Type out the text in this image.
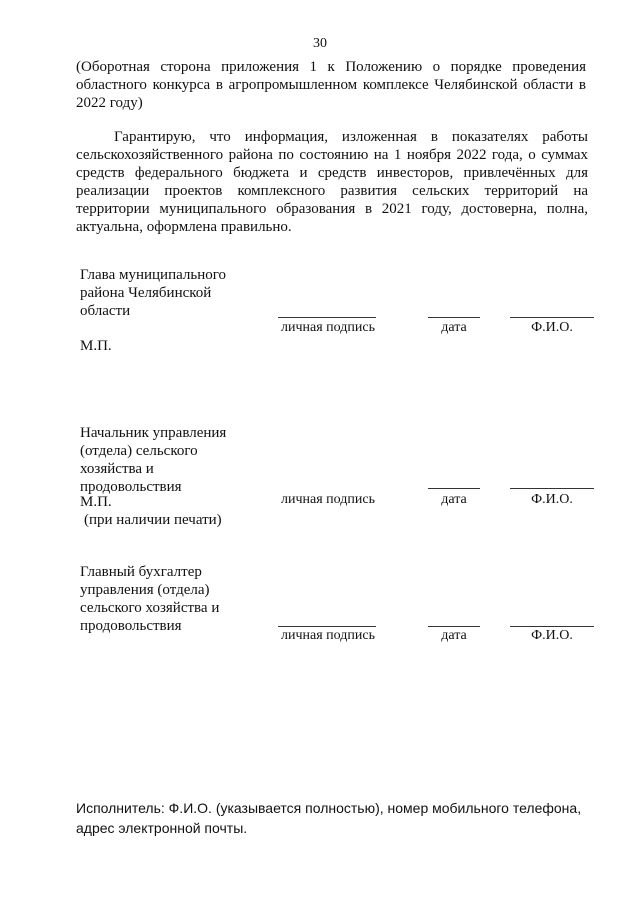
30
(Оборотная сторона приложения 1 к Положению о порядке проведения областного конкурса в агропромышленном комплексе Челябинской области в 2022 году)
Гарантирую, что информация, изложенная в показателях работы сельскохозяйственного района по состоянию на 1 ноября 2022 года, о суммах средств федерального бюджета и средств инвесторов, привлечённых для реализации проектов комплексного развития сельских территорий на территории муниципального образования в 2021 году, достоверна, полна, актуальна, оформлена правильно.
Глава муниципального
района Челябинской
области
личная подпись	дата	Ф.И.О.
М.П.
Начальник управления
(отдела) сельского
хозяйства и
продовольствия
М.П.
(при наличии печати)
личная подпись	дата	Ф.И.О.
Главный бухгалтер
управления (отдела)
сельского хозяйства и
продовольствия
личная подпись	дата	Ф.И.О.
Исполнитель: Ф.И.О. (указывается полностью), номер мобильного телефона, адрес электронной почты.
